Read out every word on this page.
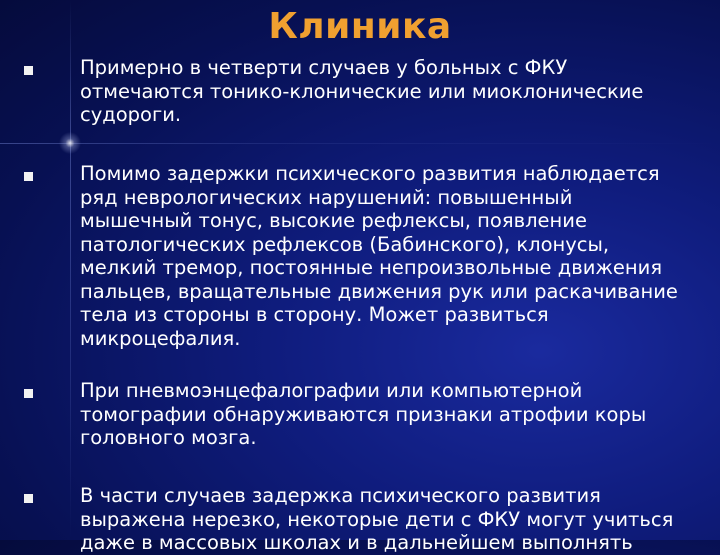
Клиника
Примерно в четверти случаев у больных с ФКУ
отмечаются тонико-клонические или миоклонические
судороги.
Помимо задержки психического развития наблюдается
ряд неврологических нарушений: повышенный
мышечный тонус, высокие рефлексы, появление
патологических рефлексов (Бабинского), клонусы,
мелкий тремор, постоянные непроизвольные движения
пальцев, вращательные движения рук или раскачивание
тела из стороны в сторону. Может развиться
микроцефалия.
При пневмоэнцефалографии или компьютерной
томографии обнаруживаются признаки атрофии коры
головного мозга.
В части случаев задержка психического развития
выражена нерезко, некоторые дети с ФКУ могут учиться
даже в массовых школах и в дальнейшем выполнять
